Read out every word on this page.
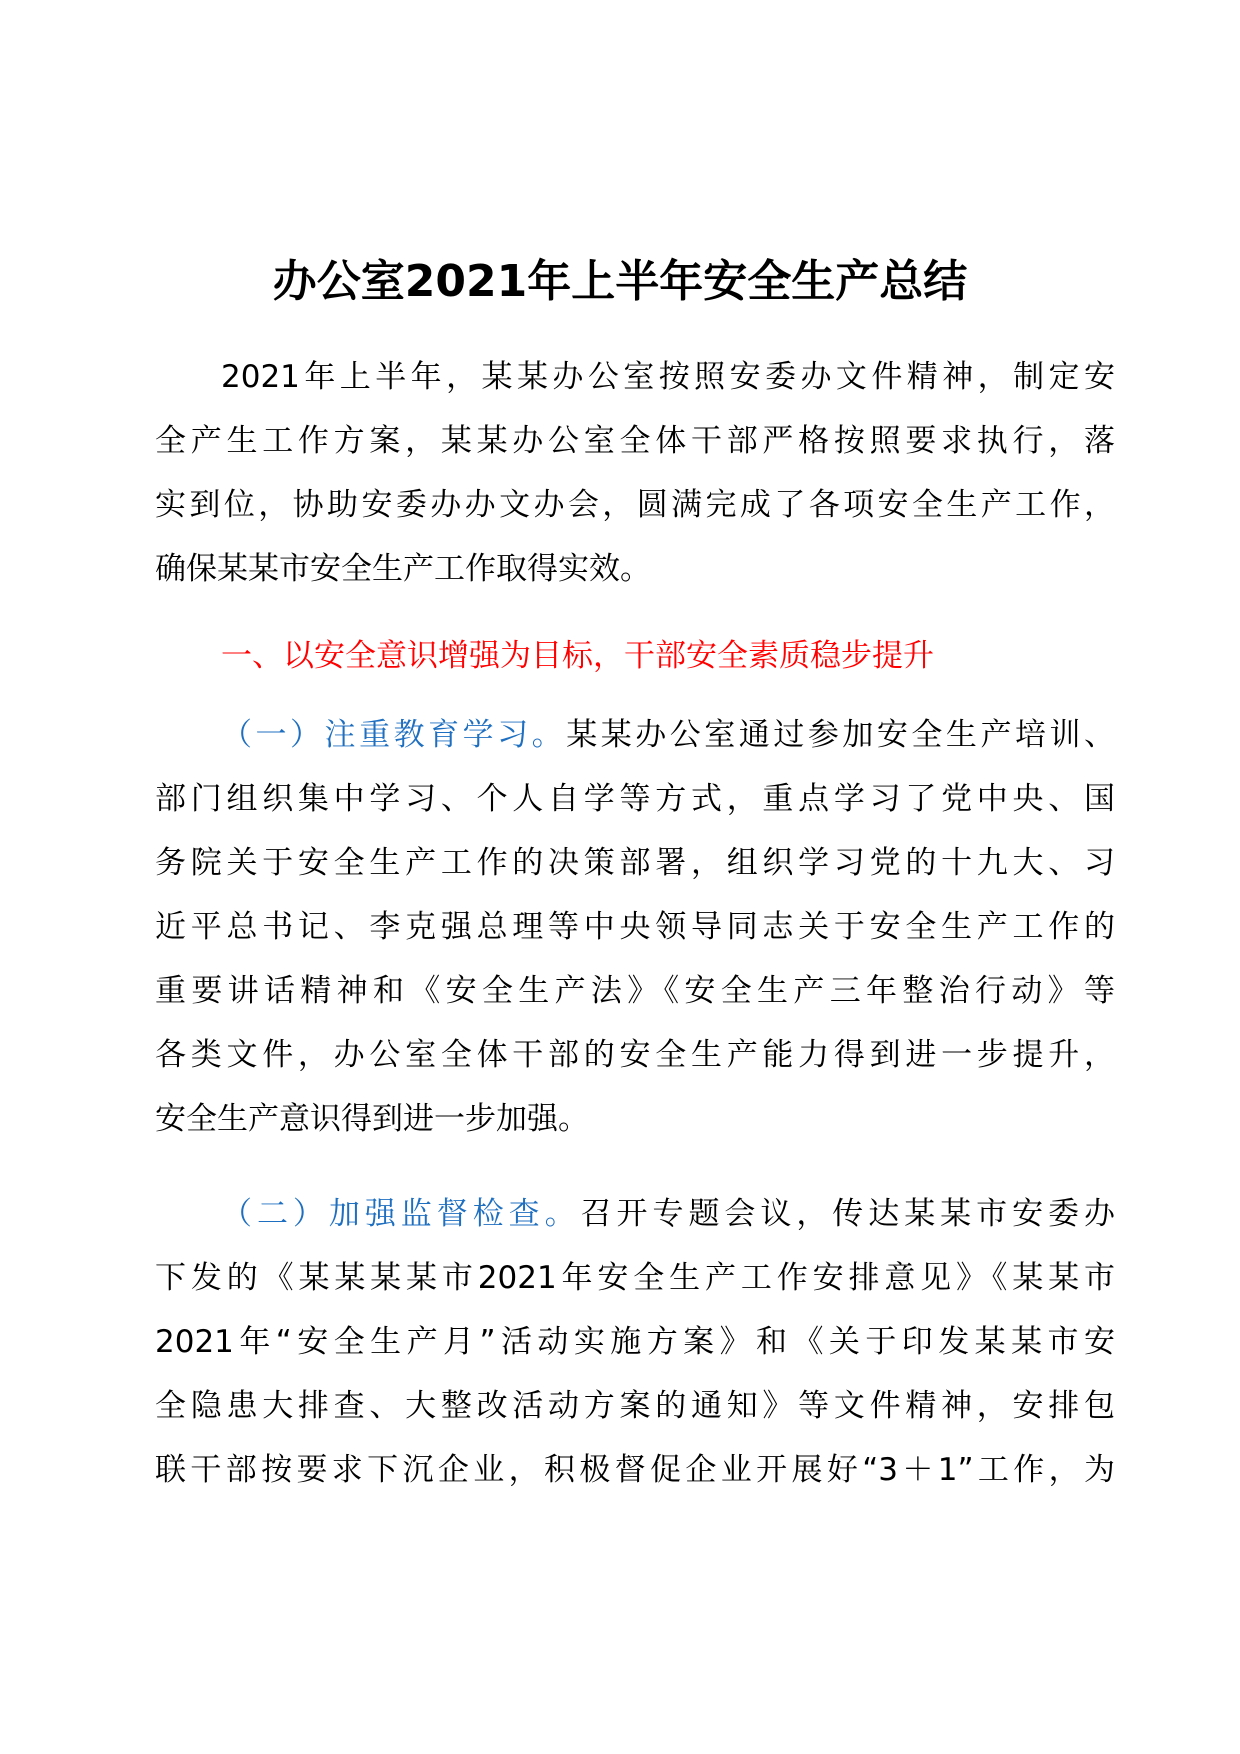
办公室2021年上半年安全生产总结
2021年上半年，某某办公室按照安委办文件精神，制定安
全产生工作方案，某某办公室全体干部严格按照要求执行，落
实到位，协助安委办办文办会，圆满完成了各项安全生产工作，
确保某某市安全生产工作取得实效。
一、以安全意识增强为目标，干部安全素质稳步提升
（一）注重教育学习。某某办公室通过参加安全生产培训、
部门组织集中学习、个人自学等方式，重点学习了党中央、国
务院关于安全生产工作的决策部署，组织学习党的十九大、习
近平总书记、李克强总理等中央领导同志关于安全生产工作的
重要讲话精神和《安全生产法》《安全生产三年整治行动》等
各类文件，办公室全体干部的安全生产能力得到进一步提升，
安全生产意识得到进一步加强。
（二）加强监督检查。召开专题会议，传达某某市安委办
下发的《某某某某市2021年安全生产工作安排意见》《某某市
2021年“安全生产月”活动实施方案》和《关于印发某某市安
全隐患大排查、大整改活动方案的通知》等文件精神，安排包
联干部按要求下沉企业，积极督促企业开展好“3＋1”工作，为
